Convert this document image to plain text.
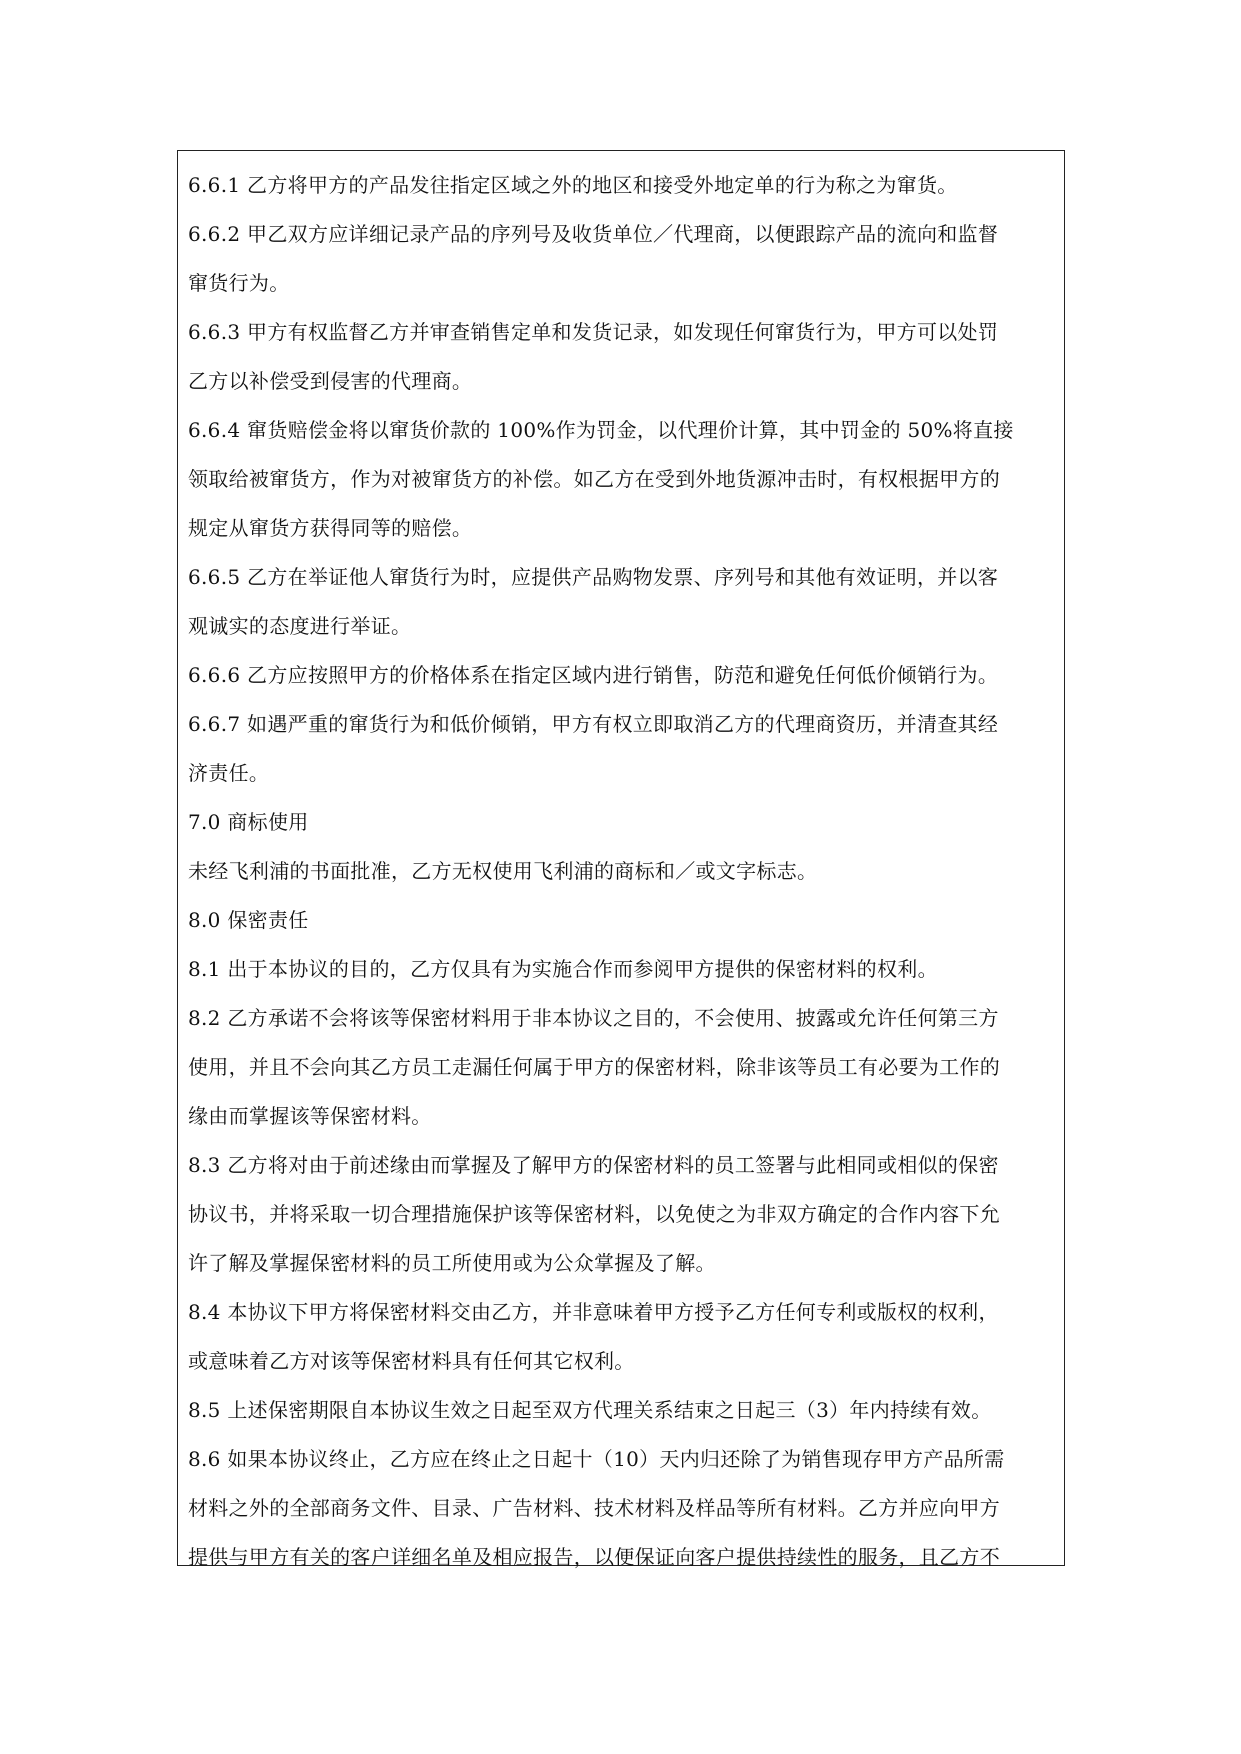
6.6.1 乙方将甲方的产品发往指定区域之外的地区和接受外地定单的行为称之为窜货。
6.6.2 甲乙双方应详细记录产品的序列号及收货单位／代理商，以便跟踪产品的流向和监督
窜货行为。
6.6.3 甲方有权监督乙方并审查销售定单和发货记录，如发现任何窜货行为，甲方可以处罚
乙方以补偿受到侵害的代理商。
6.6.4 窜货赔偿金将以窜货价款的 100%作为罚金，以代理价计算，其中罚金的 50%将直接
领取给被窜货方，作为对被窜货方的补偿。如乙方在受到外地货源冲击时，有权根据甲方的
规定从窜货方获得同等的赔偿。
6.6.5 乙方在举证他人窜货行为时，应提供产品购物发票、序列号和其他有效证明，并以客
观诚实的态度进行举证。
6.6.6 乙方应按照甲方的价格体系在指定区域内进行销售，防范和避免任何低价倾销行为。
6.6.7 如遇严重的窜货行为和低价倾销，甲方有权立即取消乙方的代理商资历，并清查其经
济责任。
7.0 商标使用
未经飞利浦的书面批准，乙方无权使用飞利浦的商标和／或文字标志。
8.0 保密责任
8.1 出于本协议的目的，乙方仅具有为实施合作而参阅甲方提供的保密材料的权利。
8.2 乙方承诺不会将该等保密材料用于非本协议之目的，不会使用、披露或允许任何第三方
使用，并且不会向其乙方员工走漏任何属于甲方的保密材料，除非该等员工有必要为工作的
缘由而掌握该等保密材料。
8.3 乙方将对由于前述缘由而掌握及了解甲方的保密材料的员工签署与此相同或相似的保密
协议书，并将采取一切合理措施保护该等保密材料，以免使之为非双方确定的合作内容下允
许了解及掌握保密材料的员工所使用或为公众掌握及了解。
8.4 本协议下甲方将保密材料交由乙方，并非意味着甲方授予乙方任何专利或版权的权利，
或意味着乙方对该等保密材料具有任何其它权利。
8.5 上述保密期限自本协议生效之日起至双方代理关系结束之日起三（3）年内持续有效。
8.6 如果本协议终止，乙方应在终止之日起十（10）天内归还除了为销售现存甲方产品所需
材料之外的全部商务文件、目录、广告材料、技术材料及样品等所有材料。乙方并应向甲方
提供与甲方有关的客户详细名单及相应报告，以便保证向客户提供持续性的服务，且乙方不
